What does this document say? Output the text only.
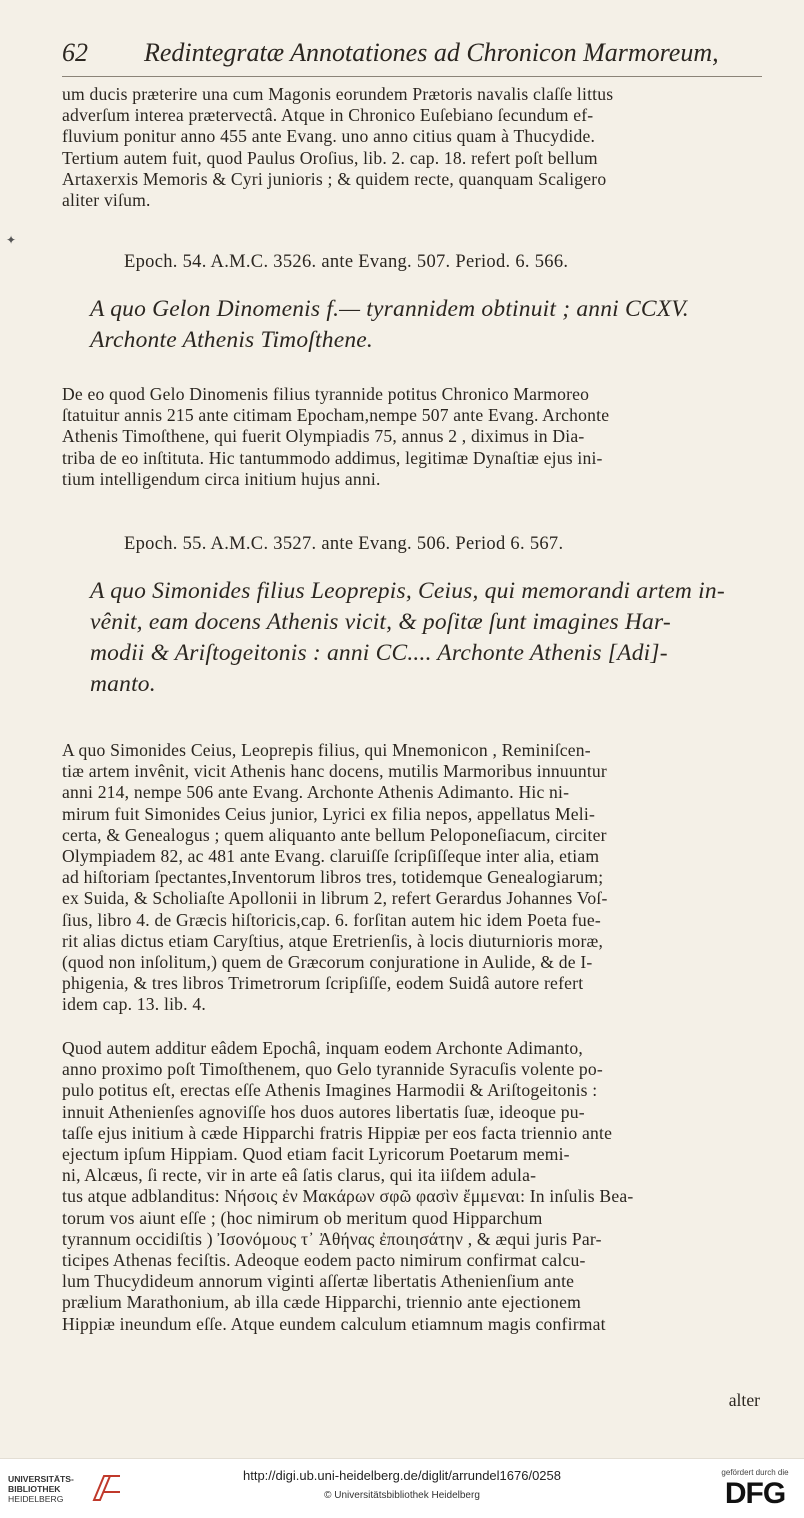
✦
62 Redintegratæ Annotationes ad Chronicon Marmoreum,

um ducis præterire una cum Magonis eorundem Prætoris navalis claſſe littus
adverſum interea prætervectâ. Atque in Chronico Euſebiano ſecundum ef-
fluvium ponitur anno 455 ante Evang. uno anno citius quam à Thucydide.
Tertium autem fuit, quod Paulus Oroſius, lib. 2. cap. 18. refert poſt bellum
Artaxerxis Memoris & Cyri junioris ; & quidem recte, quanquam Scaligero
aliter viſum.

Epoch. 54. A.M.C. 3526. ante Evang. 507. Period. 6. 566.

A quo Gelon Dinomenis f.— tyrannidem obtinuit ; anni CCXV.
Archonte Athenis Timoſthene.

De eo quod Gelo Dinomenis filius tyrannide potitus Chronico Marmoreo
ſtatuitur annis 215 ante citimam Epocham,nempe 507 ante Evang. Archonte
Athenis Timoſthene, qui fuerit Olympiadis 75, annus 2 , diximus in Dia-
triba de eo inſtituta. Hic tantummodo addimus, legitimæ Dynaſtiæ ejus ini-
tium intelligendum circa initium hujus anni.

Epoch. 55. A.M.C. 3527. ante Evang. 506. Period 6. 567.

A quo Simonides filius Leoprepis, Ceius, qui memorandi artem in-
vênit, eam docens Athenis vicit, & poſitæ ſunt imagines Har-
modii & Ariſtogeitonis : anni CC.... Archonte Athenis [Adi]-
manto.

A quo Simonides Ceius, Leoprepis filius, qui Mnemonicon , Reminiſcen-
tiæ artem invênit, vicit Athenis hanc docens, mutilis Marmoribus innuuntur
anni 214, nempe 506 ante Evang. Archonte Athenis Adimanto. Hic ni-
mirum fuit Simonides Ceius junior, Lyrici ex filia nepos, appellatus Meli-
certa, & Genealogus ; quem aliquanto ante bellum Peloponeſiacum, circiter
Olympiadem 82, ac 481 ante Evang. claruiſſe ſcripſiſſeque inter alia, etiam
ad hiſtoriam ſpectantes,Inventorum libros tres, totidemque Genealogiarum;
ex Suida, & Scholiaſte Apollonii in librum 2, refert Gerardus Johannes Voſ-
ſius, libro 4. de Græcis hiſtoricis,cap. 6. forſitan autem hic idem Poeta fue-
rit alias dictus etiam Caryſtius, atque Eretrienſis, à locis diuturnioris moræ,
(quod non inſolitum,) quem de Græcorum conjuratione in Aulide, & de I-
phigenia, & tres libros Trimetrorum ſcripſiſſe, eodem Suidâ autore refert
idem cap. 13. lib. 4.

Quod autem additur eâdem Epochâ, inquam eodem Archonte Adimanto,
anno proximo poſt Timoſthenem, quo Gelo tyrannide Syracuſis volente po-
pulo potitus eſt, erectas eſſe Athenis Imagines Harmodii & Ariſtogeitonis :
innuit Athenienſes agnoviſſe hos duos autores libertatis ſuæ, ideoque pu-
taſſe ejus initium à cæde Hipparchi fratris Hippiæ per eos facta triennio ante
ejectum ipſum Hippiam. Quod etiam facit Lyricorum Poetarum memi-
ni, Alcæus, ſi recte, vir in arte eâ ſatis clarus, qui ita iiſdem adula-
tus atque adblanditus: Νήσοις ἐν Μακάρων σφῶ φασὶν ἔμμεναι: In inſulis Bea-
torum vos aiunt eſſe ; (hoc nimirum ob meritum quod Hipparchum
tyrannum occidiſtis ) Ἰσονόμους τ᾽ Ἀθήνας ἐποιησάτην , & æqui juris Par-
ticipes Athenas feciſtis. Adeoque eodem pacto nimirum confirmat calcu-
lum Thucydideum annorum viginti aſſertæ libertatis Athenienſium ante
prælium Marathonium, ab illa cæde Hipparchi, triennio ante ejectionem
Hippiæ ineundum eſſe. Atque eundem calculum etiamnum magis confirmat

alter
UNIVERSITÄTS-
BIBLIOTHEK
HEIDELBERG
http://digi.ub.uni-heidelberg.de/diglit/arrundel1676/0258
© Universitätsbibliothek Heidelberg
gefördert durch die
DFG
